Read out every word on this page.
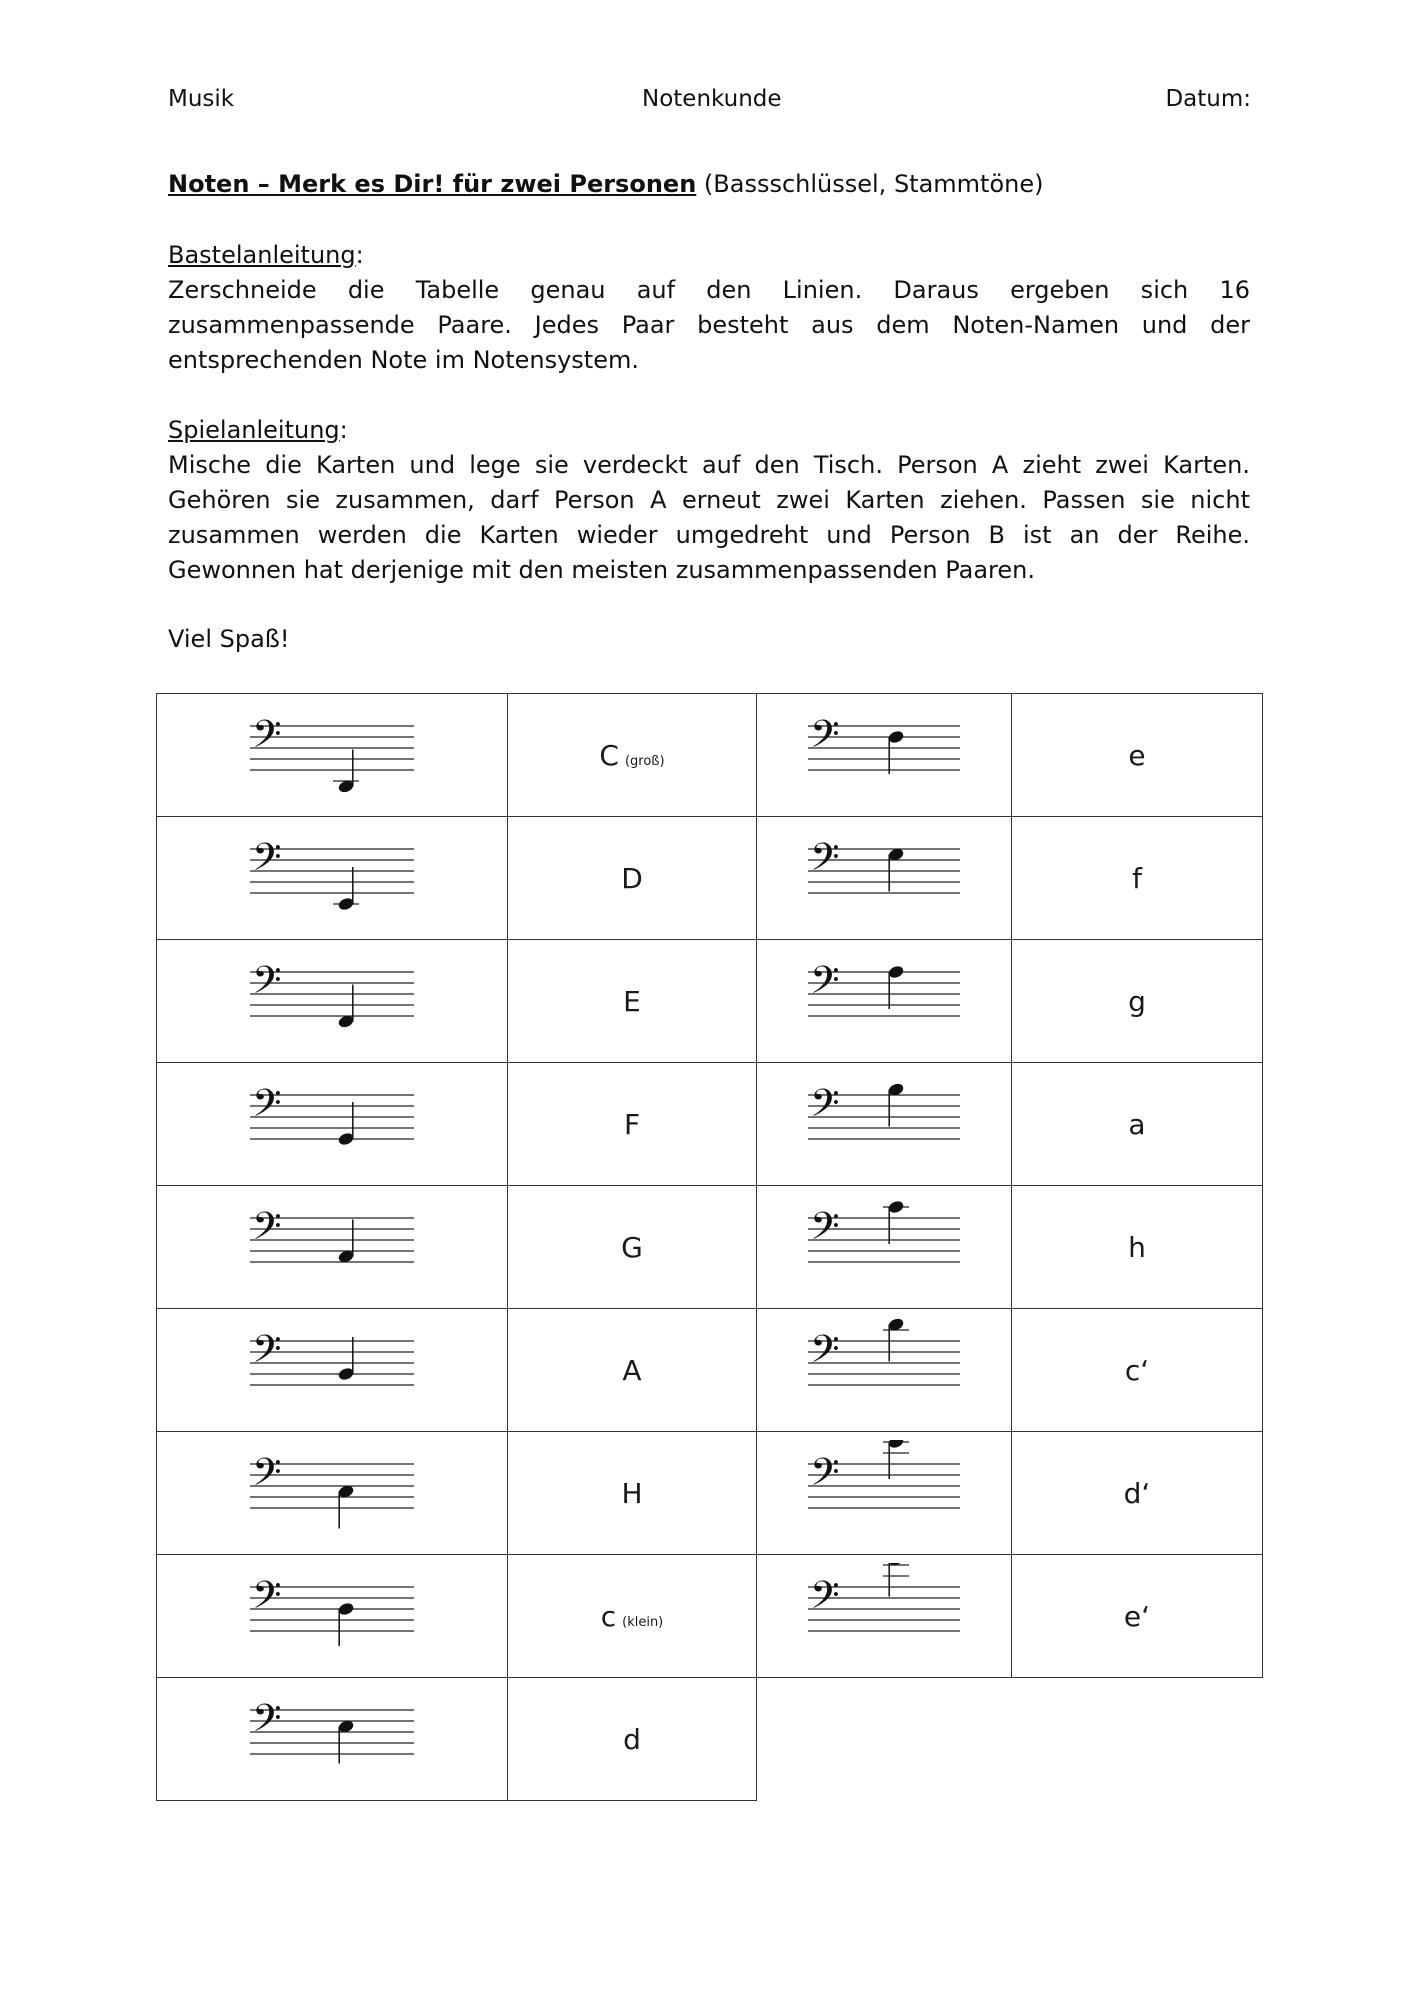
Musik	Notenkunde	Datum:
Noten – Merk es Dir! für zwei Personen (Bassschlüssel, Stammtöne)
Bastelanleitung:
Zerschneide die Tabelle genau auf den Linien. Daraus ergeben sich 16 zusammenpassende Paare. Jedes Paar besteht aus dem Noten-Namen und der entsprechenden Note im Notensystem.
Spielanleitung:
Mische die Karten und lege sie verdeckt auf den Tisch. Person A zieht zwei Karten. Gehören sie zusammen, darf Person A erneut zwei Karten ziehen. Passen sie nicht zusammen werden die Karten wieder umgedreht und Person B ist an der Reihe. Gewonnen hat derjenige mit den meisten zusammenpassenden Paaren.
Viel Spaß!
𝄢	C (groß)	𝄢	e

𝄢	D	𝄢	f

𝄢	E	𝄢	g

𝄢	F	𝄢	a

𝄢	G	𝄢	h

𝄢	A	𝄢	c‘

𝄢	H	𝄢	d‘

𝄢	c (klein)	𝄢	e‘

𝄢	d		
